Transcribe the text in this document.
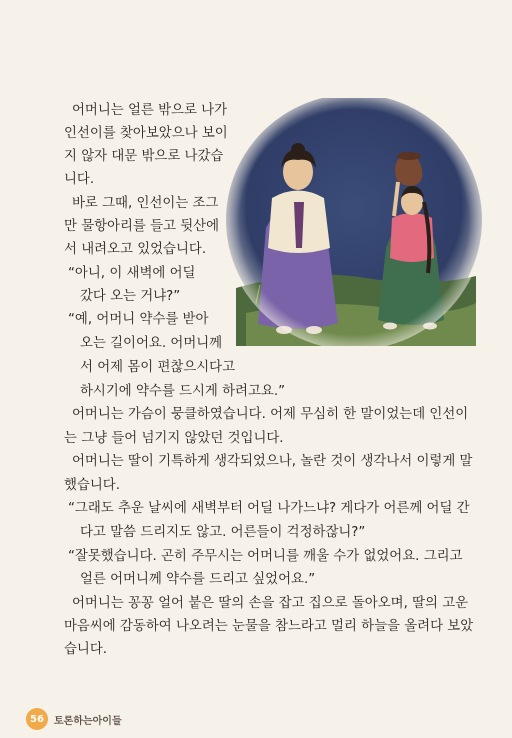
어머니는 얼른 밖으로 나가
인선이를 찾아보았으나 보이
지 않자 대문 밖으로 나갔습
니다.
바로 그때, 인선이는 조그
만 물항아리를 들고 뒷산에
서 내려오고 있었습니다.
“아니, 이 새벽에 어딜
갔다 오는 거냐?”
“예, 어머니 약수를 받아
오는 길이어요. 어머니께
서 어제 몸이 편찮으시다고
하시기에 약수를 드시게 하려고요.”
어머니는 가슴이 뭉클하였습니다. 어제 무심히 한 말이었는데 인선이
는 그냥 들어 넘기지 않았던 것입니다.
어머니는 딸이 기특하게 생각되었으나, 놀란 것이 생각나서 이렇게 말
했습니다.
“그래도 추운 날씨에 새벽부터 어딜 나가느냐? 게다가 어른께 어딜 간
다고 말씀 드리지도 않고. 어른들이 걱정하잖니?”
“잘못했습니다. 곤히 주무시는 어머니를 깨울 수가 없었어요. 그리고
얼른 어머니께 약수를 드리고 싶었어요.”
어머니는 꽁꽁 얼어 붙은 딸의 손을 잡고 집으로 돌아오며, 딸의 고운
마음씨에 감동하여 나오려는 눈물을 참느라고 멀리 하늘을 올려다 보았
습니다.
56	토론하는아이들
